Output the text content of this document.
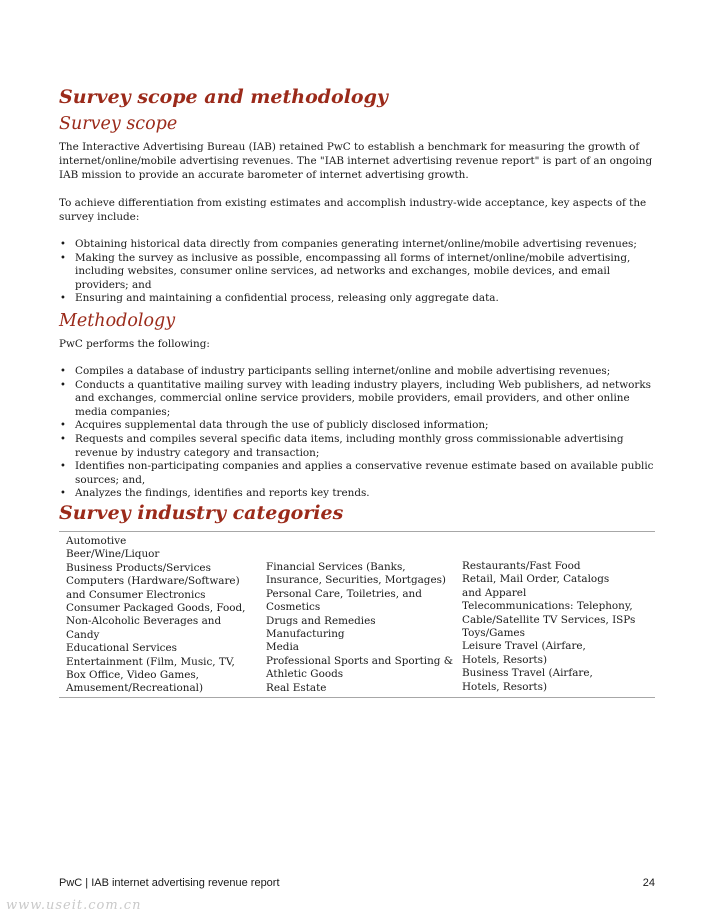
Survey scope and methodology
Survey scope

The Interactive Advertising Bureau (IAB) retained PwC to establish a benchmark for measuring the growth of internet/online/mobile advertising revenues. The "IAB internet advertising revenue report" is part of an ongoing IAB mission to provide an accurate barometer of internet advertising growth.

To achieve differentiation from existing estimates and accomplish industry-wide acceptance, key aspects of the survey include:

• Obtaining historical data directly from companies generating internet/online/mobile advertising revenues;
• Making the survey as inclusive as possible, encompassing all forms of internet/online/mobile advertising, including websites, consumer online services, ad networks and exchanges, mobile devices, and email providers; and
• Ensuring and maintaining a confidential process, releasing only aggregate data.
Methodology

PwC performs the following:

• Compiles a database of industry participants selling internet/online and mobile advertising revenues;
• Conducts a quantitative mailing survey with leading industry players, including Web publishers, ad networks and exchanges, commercial online service providers, mobile providers, email providers, and other online media companies;
• Acquires supplemental data through the use of publicly disclosed information;
• Requests and compiles several specific data items, including monthly gross commissionable advertising revenue by industry category and transaction;
• Identifies non-participating companies and applies a conservative revenue estimate based on available public sources; and,
• Analyzes the findings, identifies and reports key trends.
Survey industry categories
Automotive
Beer/Wine/Liquor
Business Products/Services
Computers (Hardware/Software)
and Consumer Electronics
Consumer Packaged Goods, Food,
Non-Alcoholic Beverages and
Candy
Educational Services
Entertainment (Film, Music, TV,
Box Office, Video Games,
Amusement/Recreational)
Financial Services (Banks,
Insurance, Securities, Mortgages)
Personal Care, Toiletries, and
Cosmetics
Drugs and Remedies
Manufacturing
Media
Professional Sports and Sporting &
Athletic Goods
Real Estate
Restaurants/Fast Food
Retail, Mail Order, Catalogs
and Apparel
Telecommunications: Telephony,
Cable/Satellite TV Services, ISPs
Toys/Games
Leisure Travel (Airfare,
Hotels, Resorts)
Business Travel (Airfare,
Hotels, Resorts)
PwC | IAB internet advertising revenue report	24
www.useit.com.cn
